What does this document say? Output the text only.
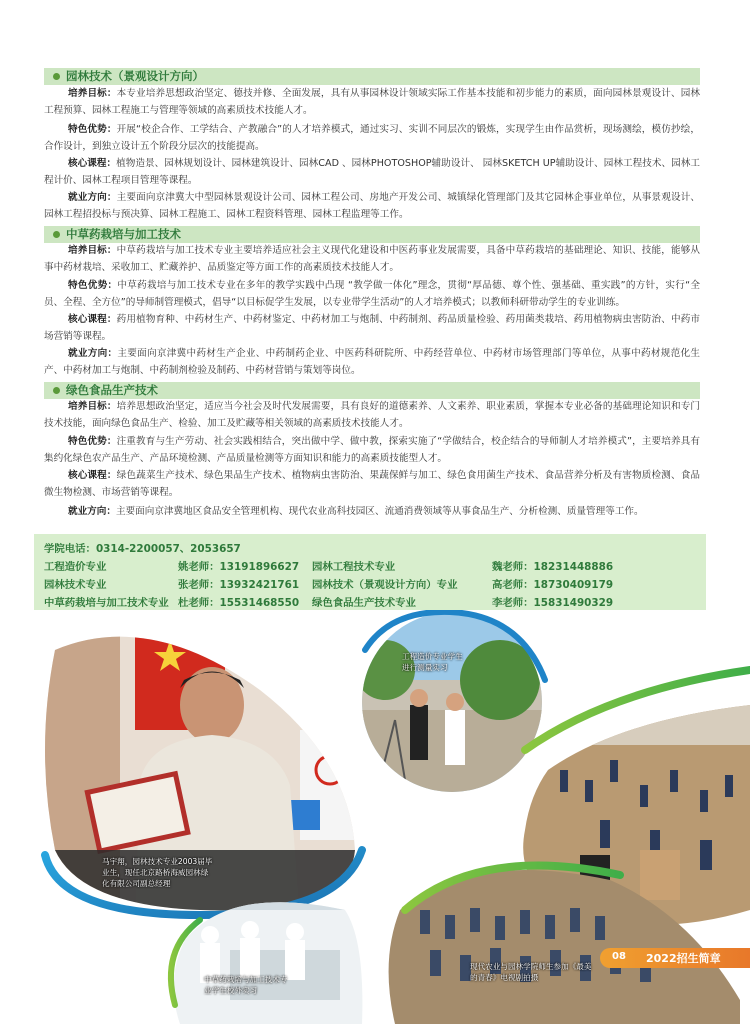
园林技术（景观设计方向）
培养目标：本专业培养思想政治坚定、德技并修、全面发展，具有从事园林设计领域实际工作基本技能和初步能力的素质，面向园林景观设计、园林工程预算、园林工程施工与管理等领域的高素质技术技能人才。
特色优势：开展“校企合作、工学结合、产教融合”的人才培养模式，通过实习、实训不同层次的锻炼，实现学生由作品赏析，现场测绘，模仿抄绘，合作设计，到独立设计五个阶段分层次的技能提高。
核心课程：植物造景、园林规划设计、园林建筑设计、园林CAD 、园林PHOTOSHOP辅助设计、 园林SKETCH UP辅助设计、园林工程技术、园林工程计价、园林工程项目管理等课程。
就业方向：主要面向京津冀大中型园林景观设计公司、园林工程公司、房地产开发公司、城镇绿化管理部门及其它园林企事业单位，从事景观设计、园林工程招投标与预决算、园林工程施工、园林工程资料管理、园林工程监理等工作。
中草药栽培与加工技术
培养目标：中草药栽培与加工技术专业主要培养适应社会主义现代化建设和中医药事业发展需要，具备中草药栽培的基础理论、知识、技能，能够从事中药材栽培、采收加工、贮藏养护、品质鉴定等方面工作的高素质技术技能人才。
特色优势：中草药栽培与加工技术专业在多年的教学实践中凸现 “教学做一体化”理念，贯彻“厚品德、尊个性、强基础、重实践”的方针，实行“全员、全程、全方位”的导师制管理模式，倡导“以目标促学生发展，以专业带学生活动”的人才培养模式；以教师科研带动学生的专业训练。
核心课程：药用植物育种、中药材生产、中药材鉴定、中药材加工与炮制、中药制剂、药品质量检验、药用菌类栽培、药用植物病虫害防治、中药市场营销等课程。
就业方向：主要面向京津冀中药材生产企业、中药制药企业、中医药科研院所、中药经营单位、中药材市场管理部门等单位，从事中药材规范化生产、中药材加工与炮制、中药制剂检验及制药、中药材营销与策划等岗位。
绿色食品生产技术
培养目标：培养思想政治坚定，适应当今社会及时代发展需要，具有良好的道德素养、人文素养、职业素质，掌握本专业必备的基础理论知识和专门技术技能，面向绿色食品生产、检验、加工及贮藏等相关领域的高素质技术技能人才。
特色优势：注重教育与生产劳动、社会实践相结合，突出做中学、做中教，探索实施了“学做结合，校企结合的导师制人才培养模式”，主要培养具有集约化绿色农产品生产、产品环境检测、产品质量检测等方面知识和能力的高素质技能型人才。
核心课程：绿色蔬菜生产技术、绿色果品生产技术、植物病虫害防治、果蔬保鲜与加工、绿色食用菌生产技术、食品营养分析及有害物质检测、食品微生物检测、市场营销等课程。
就业方向：主要面向京津冀地区食品安全管理机构、现代农业高科技园区、流通消费领域等从事食品生产、分析检测、质量管理等工作。
学院电话：0314-2200057、2053657
工程造价专业	姚老师：13191896627 园林工程技术专业	魏老师：18231448886
园林技术专业	张老师：13932421761 园林技术（景观设计方向）专业	高老师：18730409179
中草药栽培与加工技术专业 杜老师：15531468550 绿色食品生产技术专业	李老师：15831490329
马宇翔，园林技术专业2003届毕业生，现任北京路桥海威园林绿化有限公司副总经理
工程造价专业学生进行测量实习
中草药栽培与加工技术专业学生校外实习
现代农业与园林学院师生参加《最美的青春》电视剧拍摄
08 2022招生简章
